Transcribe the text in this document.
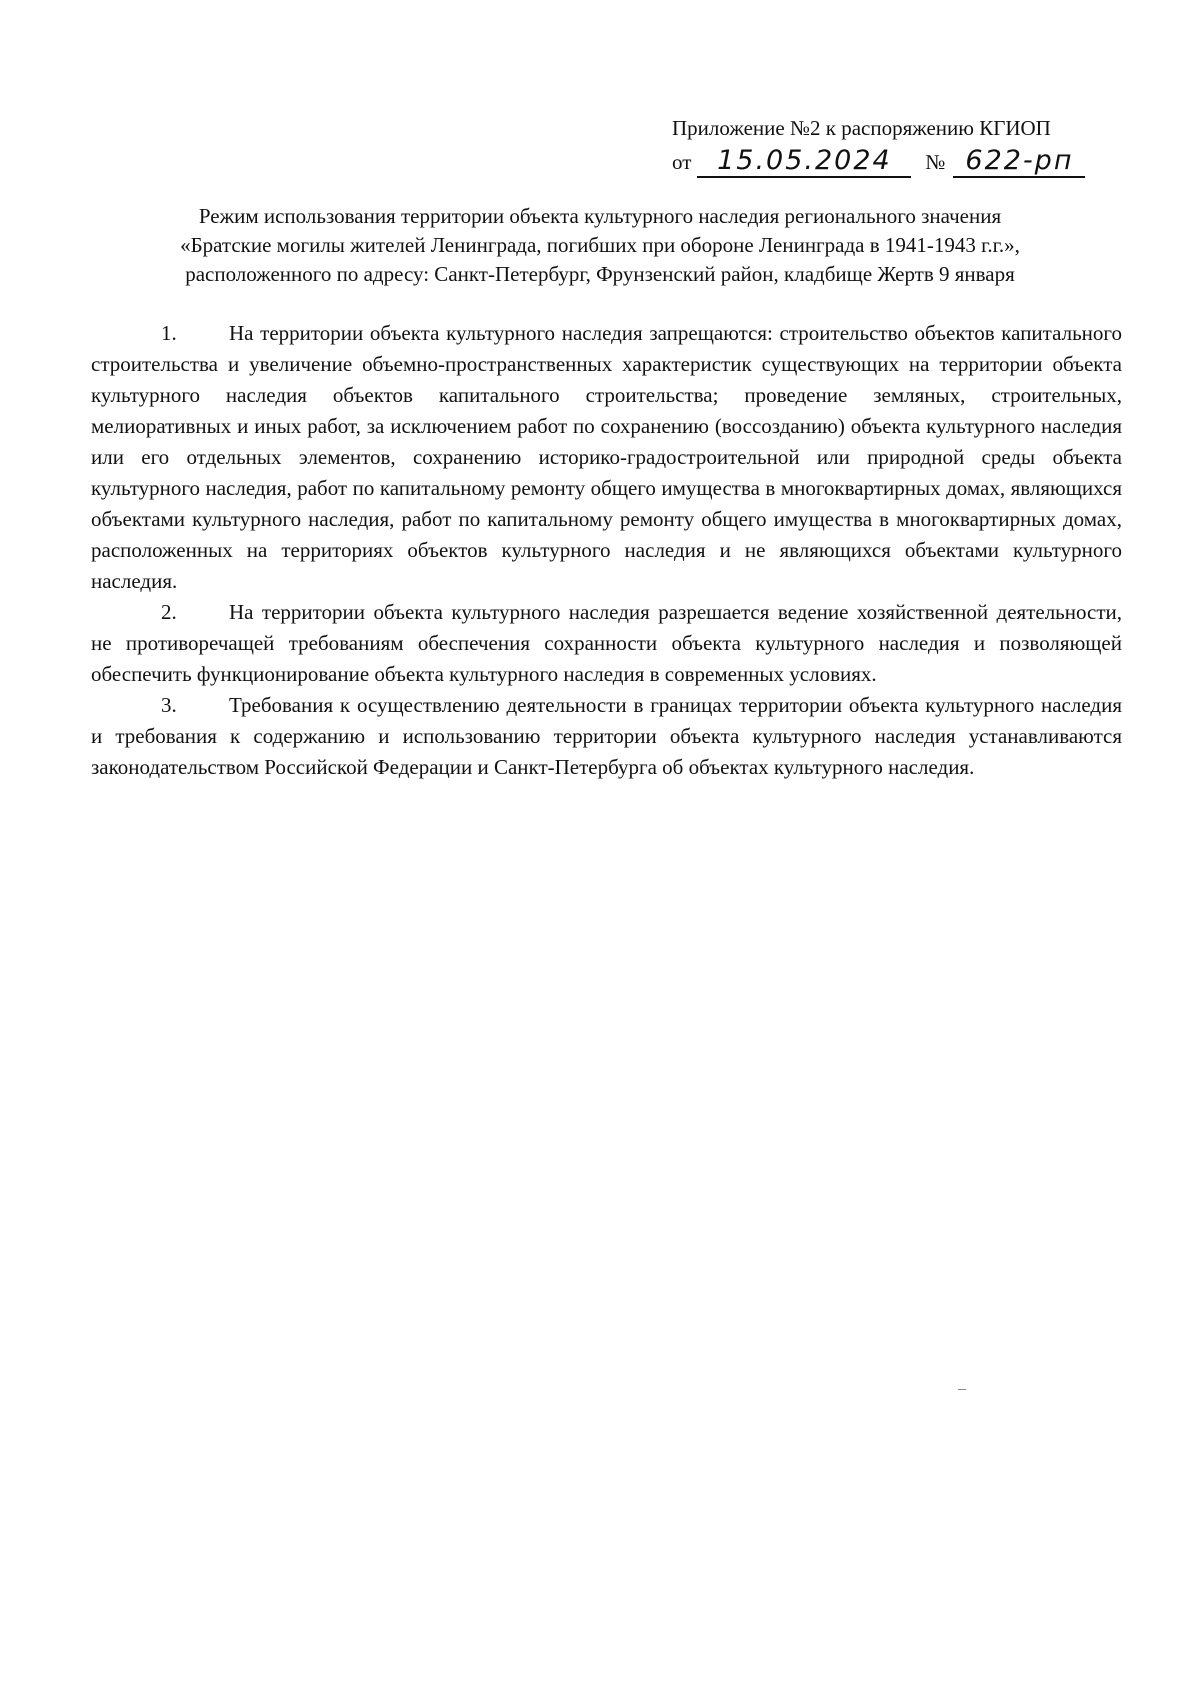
Приложение №2 к распоряжению КГИОП
от 15.05.2024	№ 622-рп
Режим использования территории объекта культурного наследия регионального значения
«Братские могилы жителей Ленинграда, погибших при обороне Ленинграда в 1941-1943 г.г.»,
расположенного по адресу: Санкт-Петербург, Фрунзенский район, кладбище Жертв 9 января

1. На территории объекта культурного наследия запрещаются: строительство объектов капитального строительства и увеличение объемно-пространственных характеристик существующих на территории объекта культурного наследия объектов капитального строительства; проведение земляных, строительных, мелиоративных и иных работ, за исключением работ по сохранению (воссозданию) объекта культурного наследия или его отдельных элементов, сохранению историко-градостроительной или природной среды объекта культурного наследия, работ по капитальному ремонту общего имущества в многоквартирных домах, являющихся объектами культурного наследия, работ по капитальному ремонту общего имущества в многоквартирных домах, расположенных на территориях объектов культурного наследия и не являющихся объектами культурного наследия.

2. На территории объекта культурного наследия разрешается ведение хозяйственной деятельности, не противоречащей требованиям обеспечения сохранности объекта культурного наследия и позволяющей обеспечить функционирование объекта культурного наследия в современных условиях.

3. Требования к осуществлению деятельности в границах территории объекта культурного наследия и требования к содержанию и использованию территории объекта культурного наследия устанавливаются законодательством Российской Федерации и Санкт-Петербурга об объектах культурного наследия.
